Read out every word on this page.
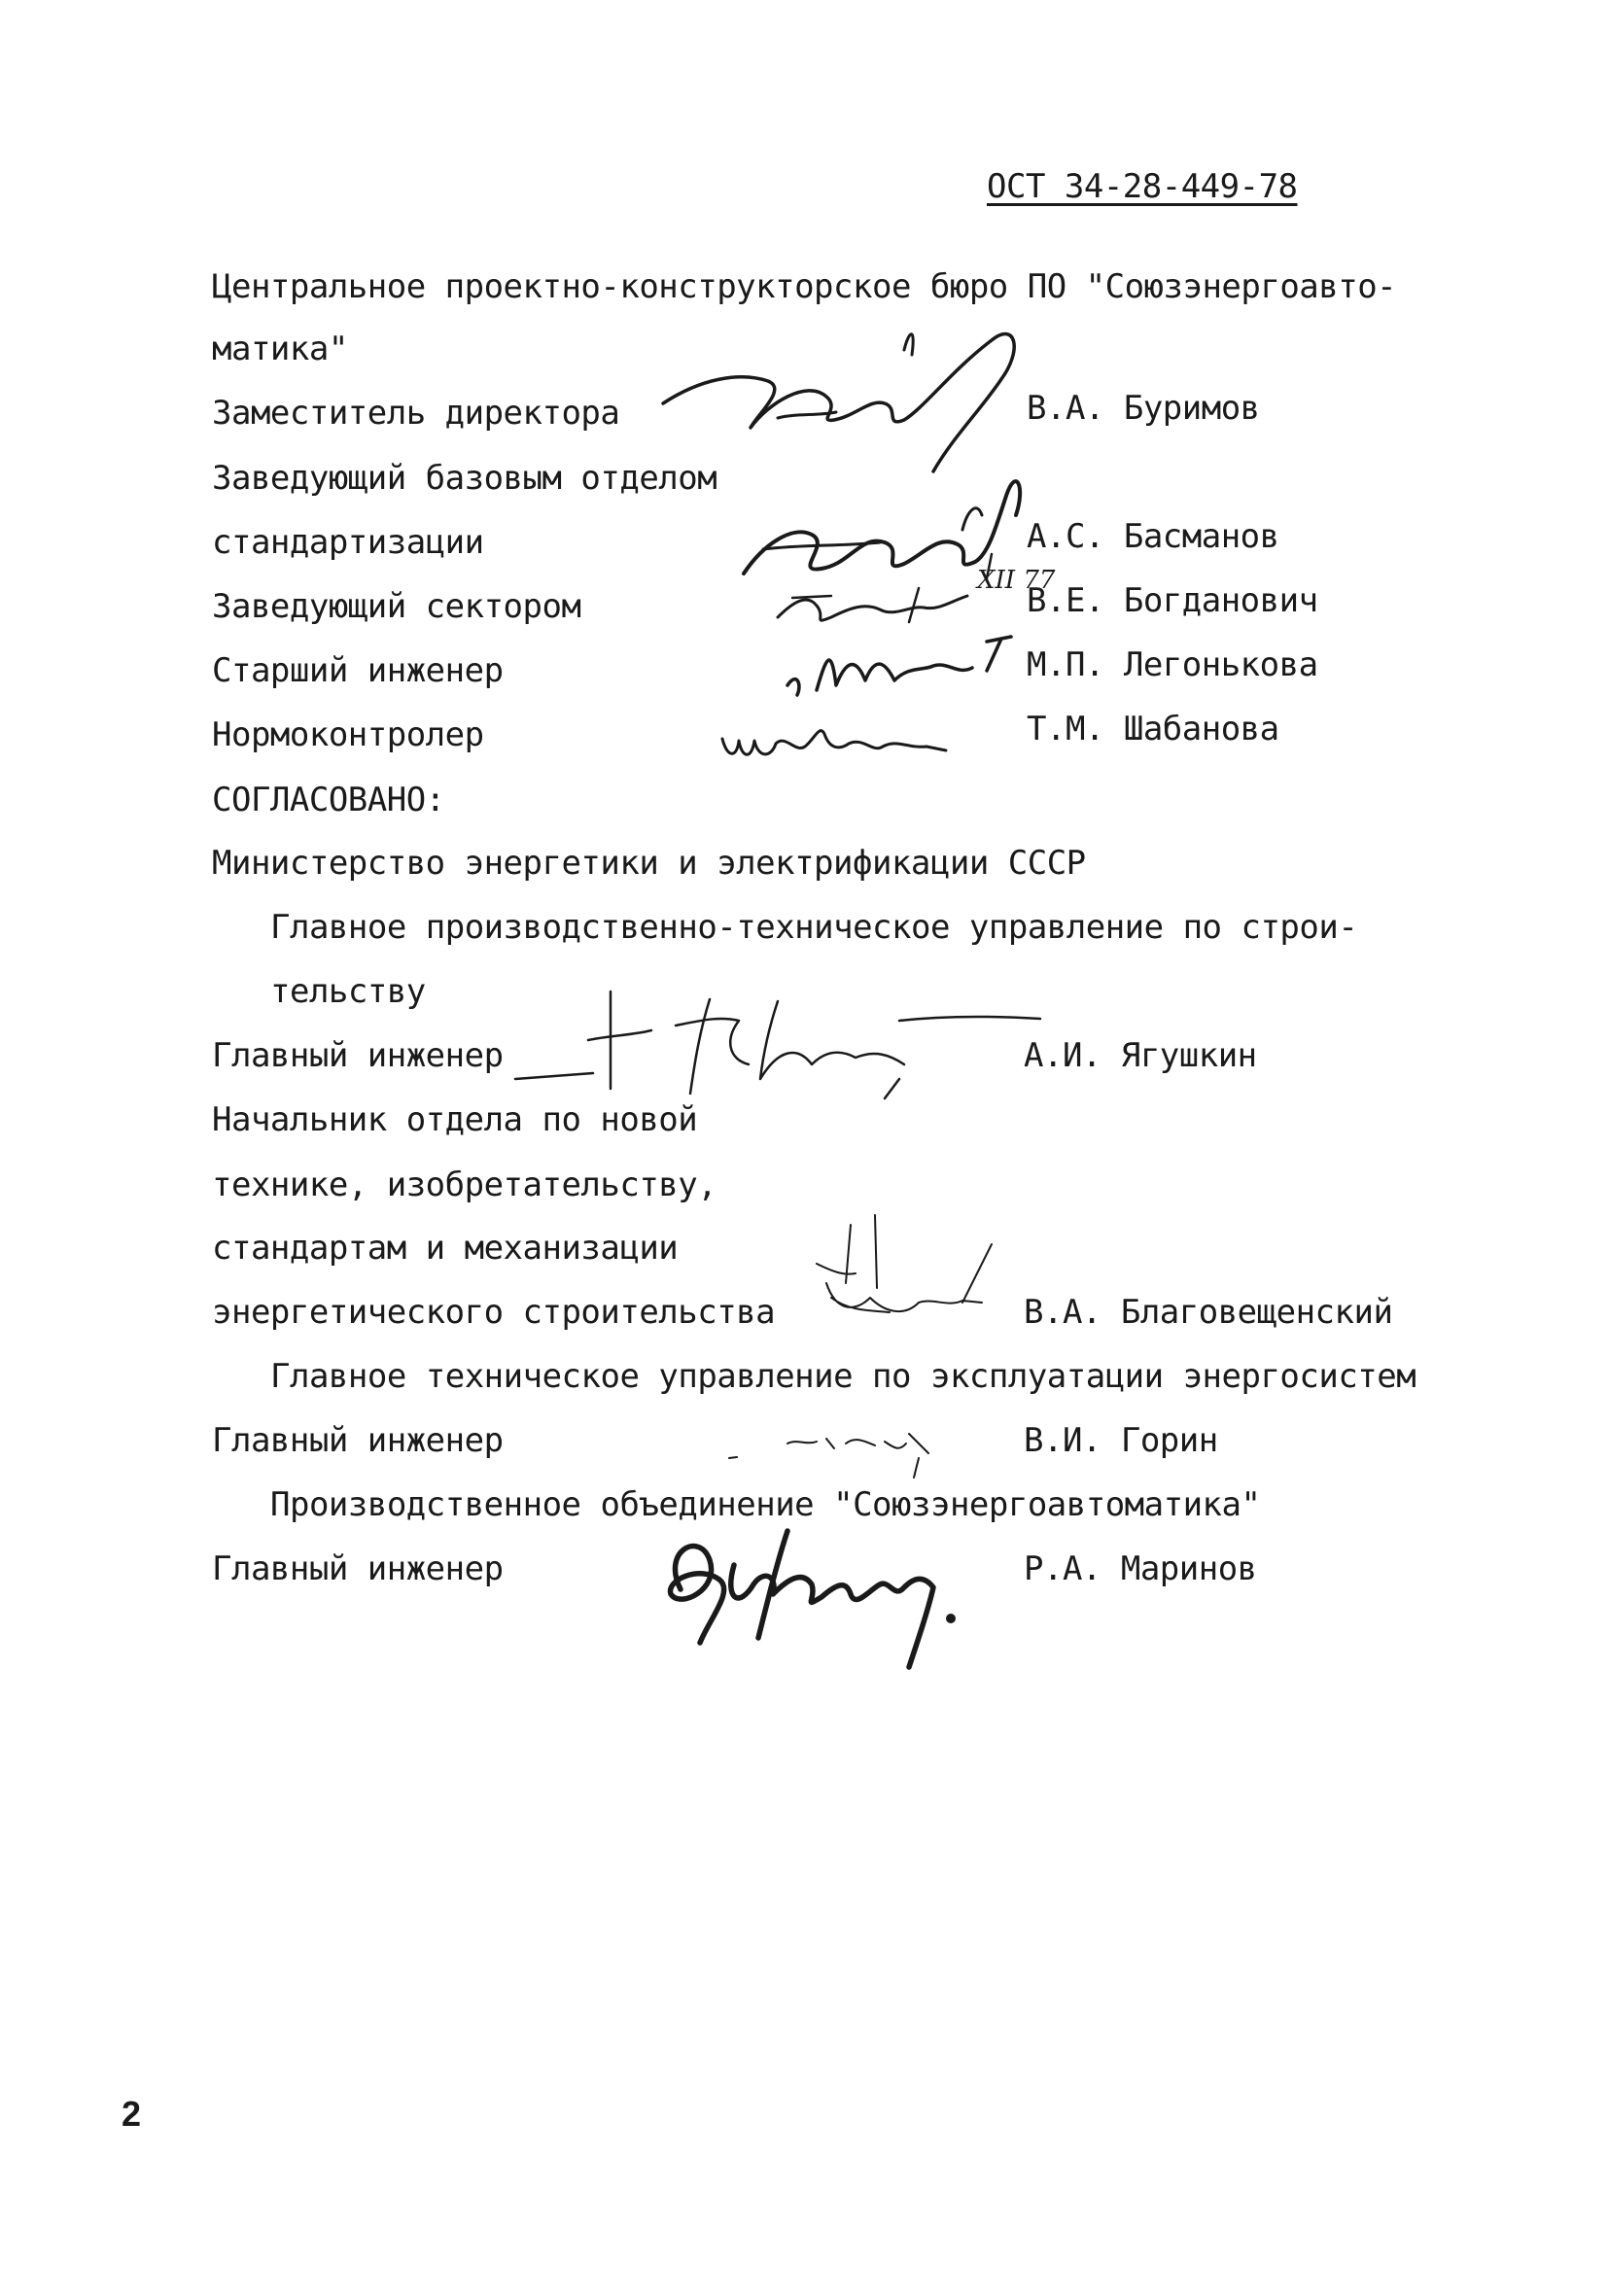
ОСТ 34-28-449-78
Центральное проектно-конструкторское бюро ПО "Союзэнергоавто-
матика"
Заместитель директора	В.А. Буримов
Заведующий базовым отделом
стандартизации	А.С. Басманов
Заведующий сектором	В.Е. Богданович
Старший инженер	М.П. Легонькова
Нормоконтролер	Т.М. Шабанова
СОГЛАСОВАНО:
Министерство энергетики и электрификации СССР
Главное производственно-техническое управление по строи-
тельству
Главный инженер	А.И. Ягушкин
Начальник отдела по новой
технике, изобретательству,
стандартам и механизации
энергетического строительства	В.А. Благовещенский
Главное техническое управление по эксплуатации энергосистем
Главный инженер	В.И. Горин
Производственное объединение "Союзэнергоавтоматика"
Главный инженер	Р.А. Маринов
XII 77
2
